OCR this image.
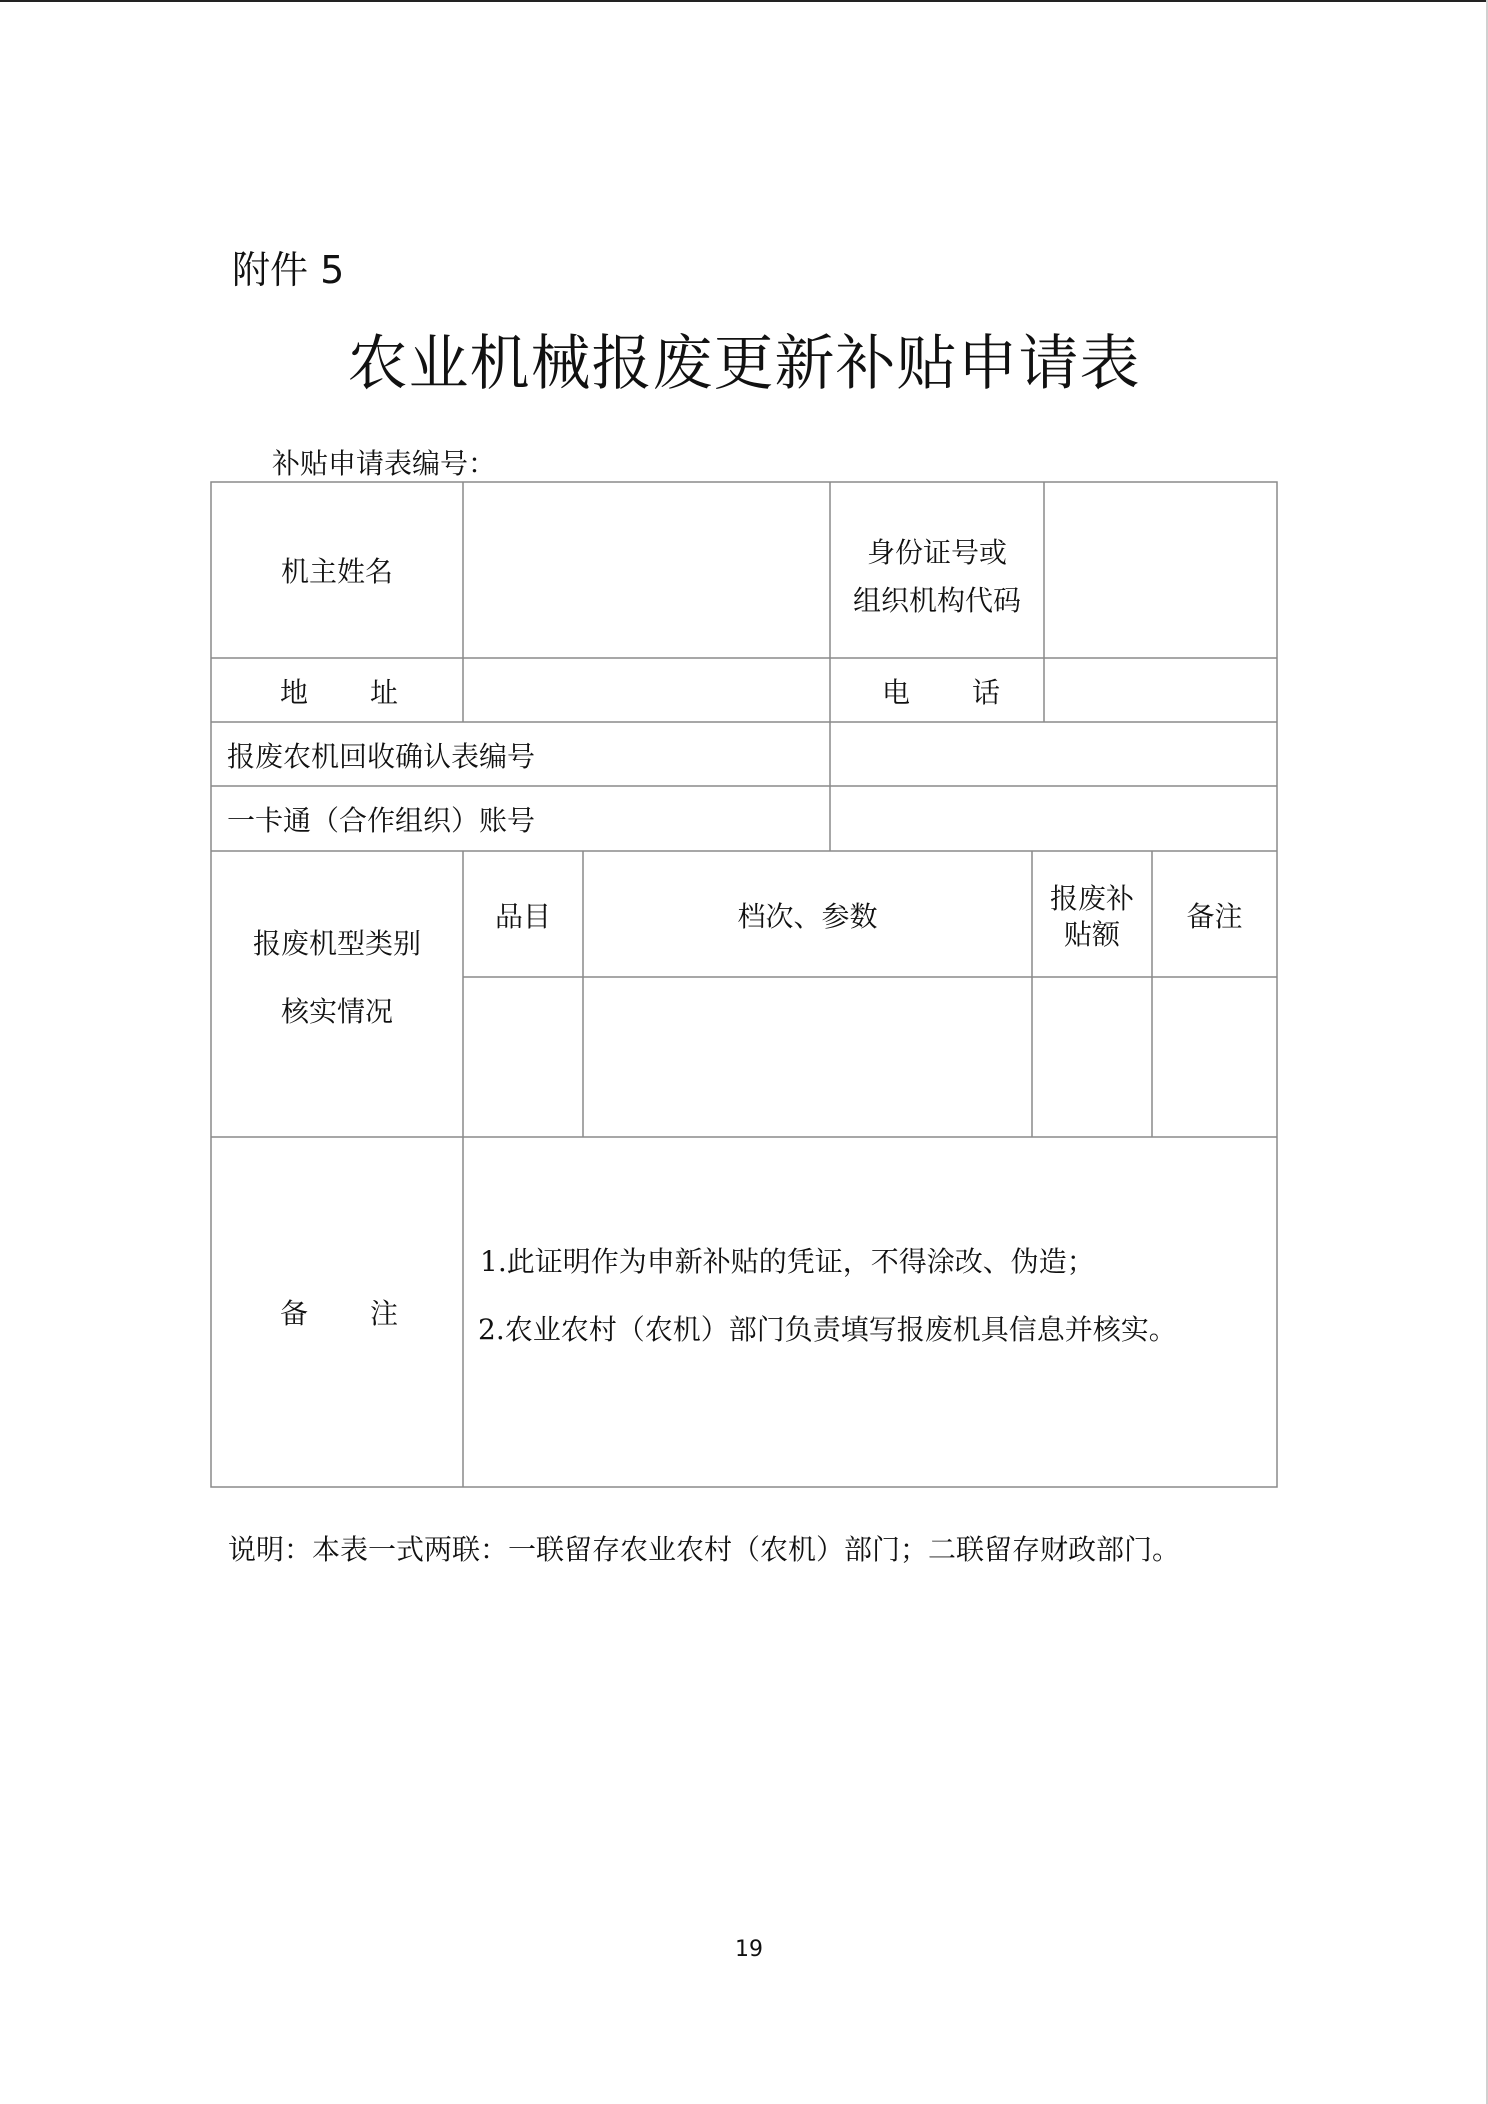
附件 5
农业机械报废更新补贴申请表
补贴申请表编号：
机主姓名
身份证号或
组织机构代码
地 址	电 话
报废农机回收确认表编号
一卡通（合作组织）账号
报废机型类别
核实情况
品目	档次、参数
报废补
贴额
备注
备 注
1.此证明作为申新补贴的凭证，不得涂改、伪造；
2.农业农村（农机）部门负责填写报废机具信息并核实。
说明：本表一式两联：一联留存农业农村（农机）部门；二联留存财政部门。
19
